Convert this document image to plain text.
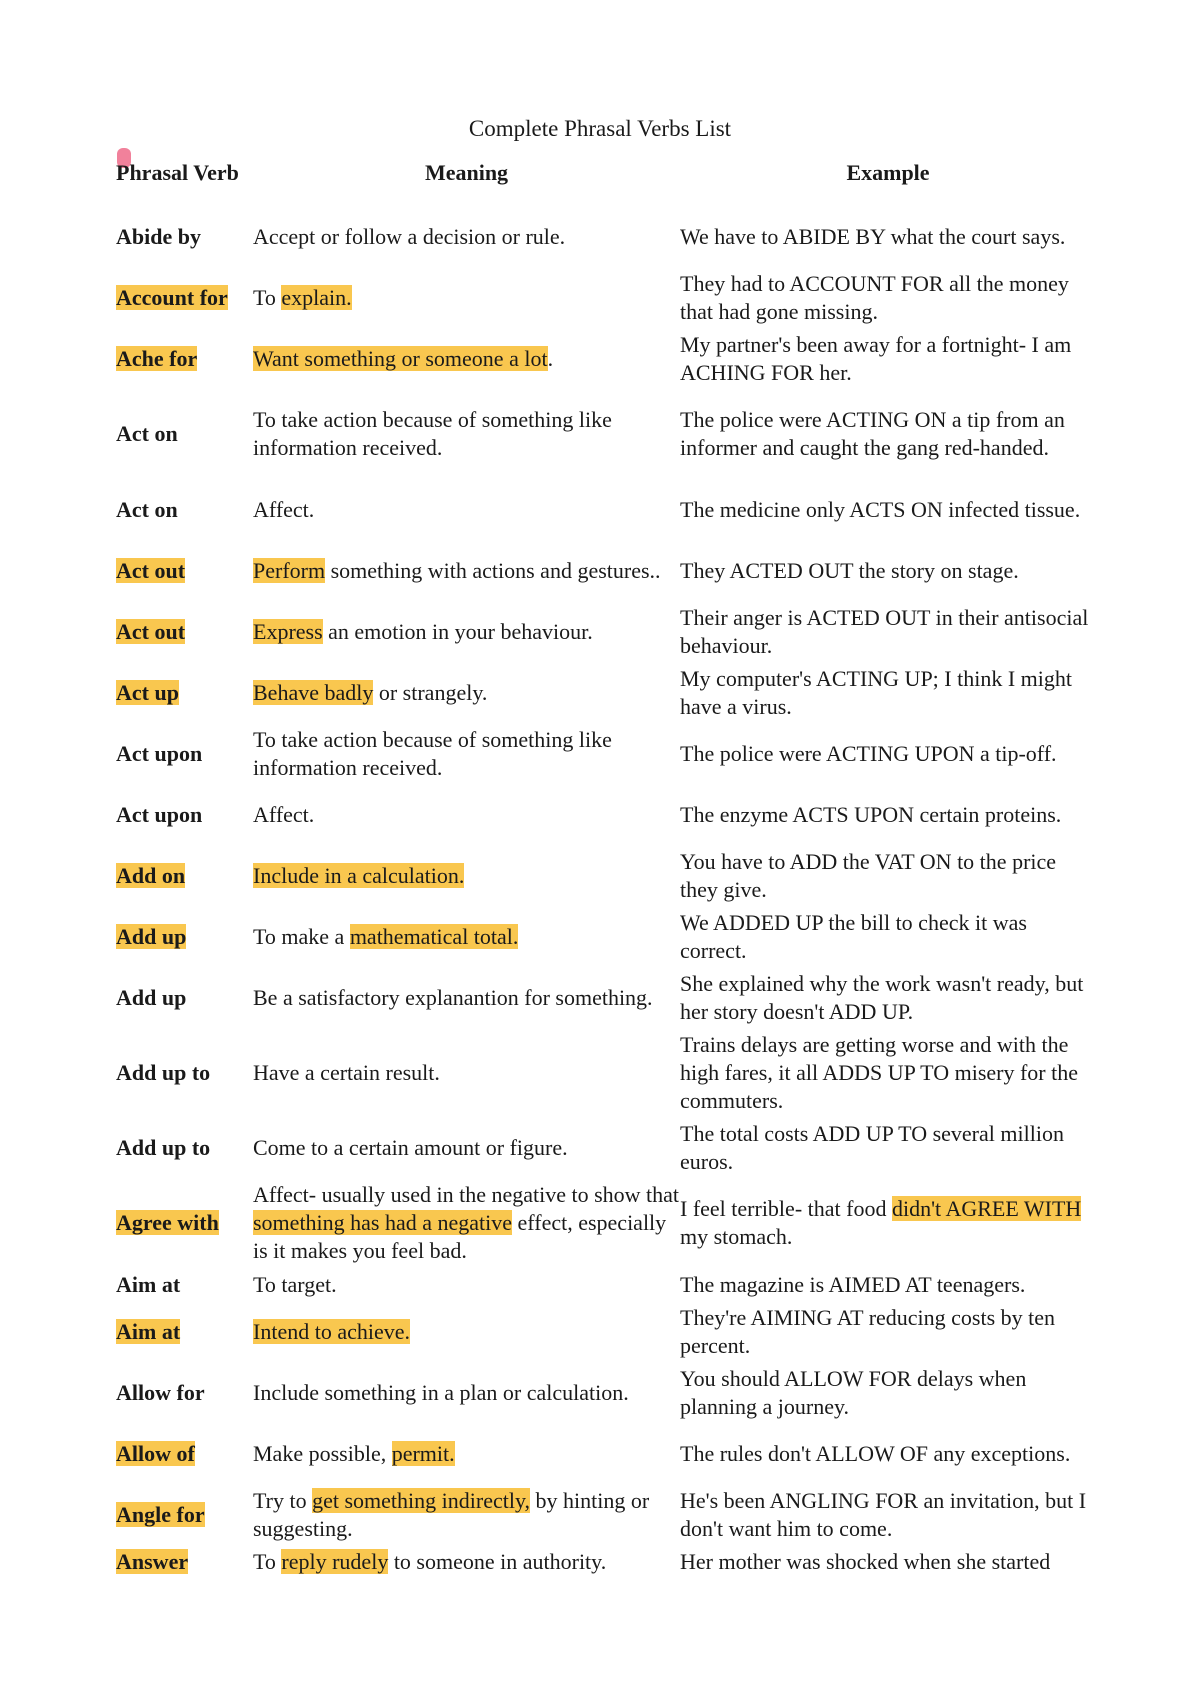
Complete Phrasal Verbs List
Phrasal Verb	Meaning	Example
Abide by	Accept or follow a decision or rule.	We have to ABIDE BY what the court says.
Account for	To explain.	They had to ACCOUNT FOR all the money that had gone missing.
Ache for	Want something or someone a lot.	My partner's been away for a fortnight- I am ACHING FOR her.
Act on	To take action because of something like information received.	The police were ACTING ON a tip from an informer and caught the gang red-handed.
Act on	Affect.	The medicine only ACTS ON infected tissue.
Act out	Perform something with actions and gestures..	They ACTED OUT the story on stage.
Act out	Express an emotion in your behaviour.	Their anger is ACTED OUT in their antisocial behaviour.
Act up	Behave badly or strangely.	My computer's ACTING UP; I think I might have a virus.
Act upon	To take action because of something like information received.	The police were ACTING UPON a tip-off.
Act upon	Affect.	The enzyme ACTS UPON certain proteins.
Add on	Include in a calculation.	You have to ADD the VAT ON to the price they give.
Add up	To make a mathematical total.	We ADDED UP the bill to check it was correct.
Add up	Be a satisfactory explanantion for something.	She explained why the work wasn't ready, but her story doesn't ADD UP.
Add up to	Have a certain result.	Trains delays are getting worse and with the high fares, it all ADDS UP TO misery for the commuters.
Add up to	Come to a certain amount or figure.	The total costs ADD UP TO several million euros.
Agree with	Affect- usually used in the negative to show that something has had a negative effect, especially is it makes you feel bad.	I feel terrible- that food didn't AGREE WITH my stomach.
Aim at	To target.	The magazine is AIMED AT teenagers.
Aim at	Intend to achieve.	They're AIMING AT reducing costs by ten percent.
Allow for	Include something in a plan or calculation.	You should ALLOW FOR delays when planning a journey.
Allow of	Make possible, permit.	The rules don't ALLOW OF any exceptions.
Angle for	Try to get something indirectly, by hinting or suggesting.	He's been ANGLING FOR an invitation, but I don't want him to come.
Answer	To reply rudely to someone in authority.	Her mother was shocked when she started
